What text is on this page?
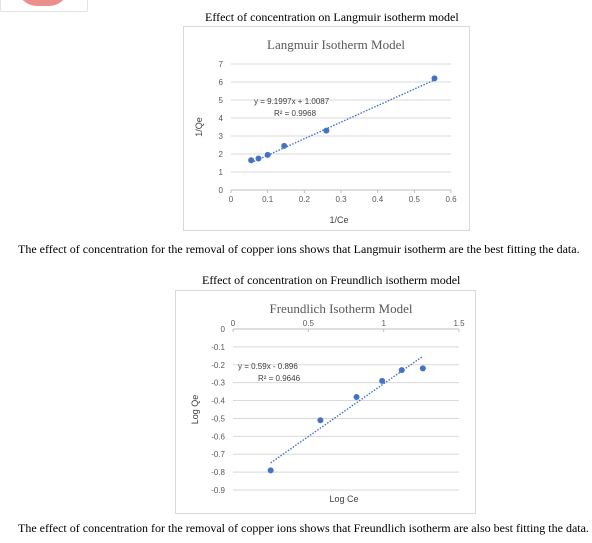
Effect of concentration on Langmuir isotherm model
Langmuir Isotherm Model
0
1
2
3
4
5
6
7
0	0.1	0.2	0.3	0.4	0.5	0.6
1/Ce
1/Qe
y = 9.1997x + 1.0087
R² = 0.9968
The effect of concentration for the removal of copper ions shows that Langmuir isotherm are the best fitting the data.
Effect of concentration on Freundlich isotherm model
Freundlich Isotherm Model
0
-0.1
-0.2
-0.3
-0.4
-0.5
-0.6
-0.7
-0.8
-0.9
0	0.5	1	1.5
Log Ce
Log Qe
y = 0.59x - 0.896
R² = 0.9646
The effect of concentration for the removal of copper ions shows that Freundlich isotherm are also best fitting the data.
